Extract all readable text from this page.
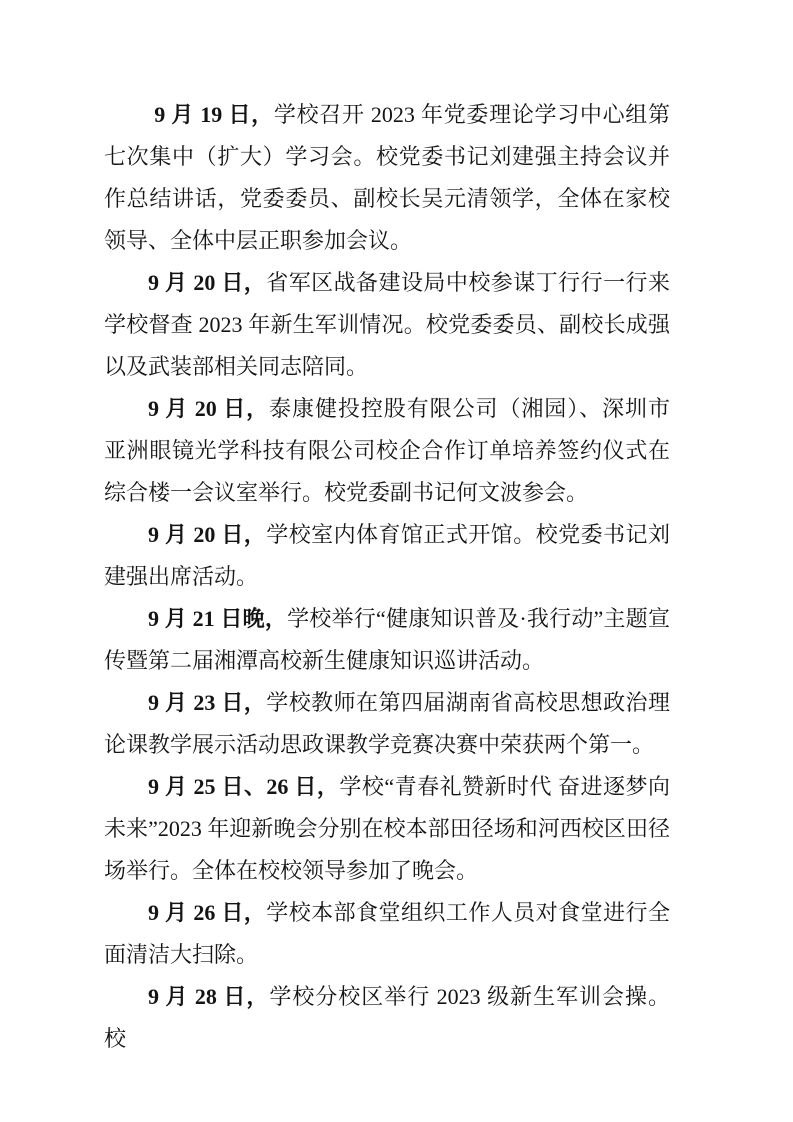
9 月 19 日，学校召开 2023 年党委理论学习中心组第七次集中（扩大）学习会。校党委书记刘建强主持会议并作总结讲话，党委委员、副校长吴元清领学，全体在家校领导、全体中层正职参加会议。

9 月 20 日，省军区战备建设局中校参谋丁行行一行来学校督查 2023 年新生军训情况。校党委委员、副校长成强以及武装部相关同志陪同。

9 月 20 日，泰康健投控股有限公司（湘园）、深圳市亚洲眼镜光学科技有限公司校企合作订单培养签约仪式在综合楼一会议室举行。校党委副书记何文波参会。

9 月 20 日，学校室内体育馆正式开馆。校党委书记刘建强出席活动。

9 月 21 日晚，学校举行“健康知识普及·我行动”主题宣传暨第二届湘潭高校新生健康知识巡讲活动。

9 月 23 日，学校教师在第四届湖南省高校思想政治理论课教学展示活动思政课教学竞赛决赛中荣获两个第一。

9 月 25 日、26 日，学校“青春礼赞新时代 奋进逐梦向未来”2023 年迎新晚会分别在校本部田径场和河西校区田径场举行。全体在校校领导参加了晚会。

9 月 26 日，学校本部食堂组织工作人员对食堂进行全面清洁大扫除。

9 月 28 日，学校分校区举行 2023 级新生军训会操。校
